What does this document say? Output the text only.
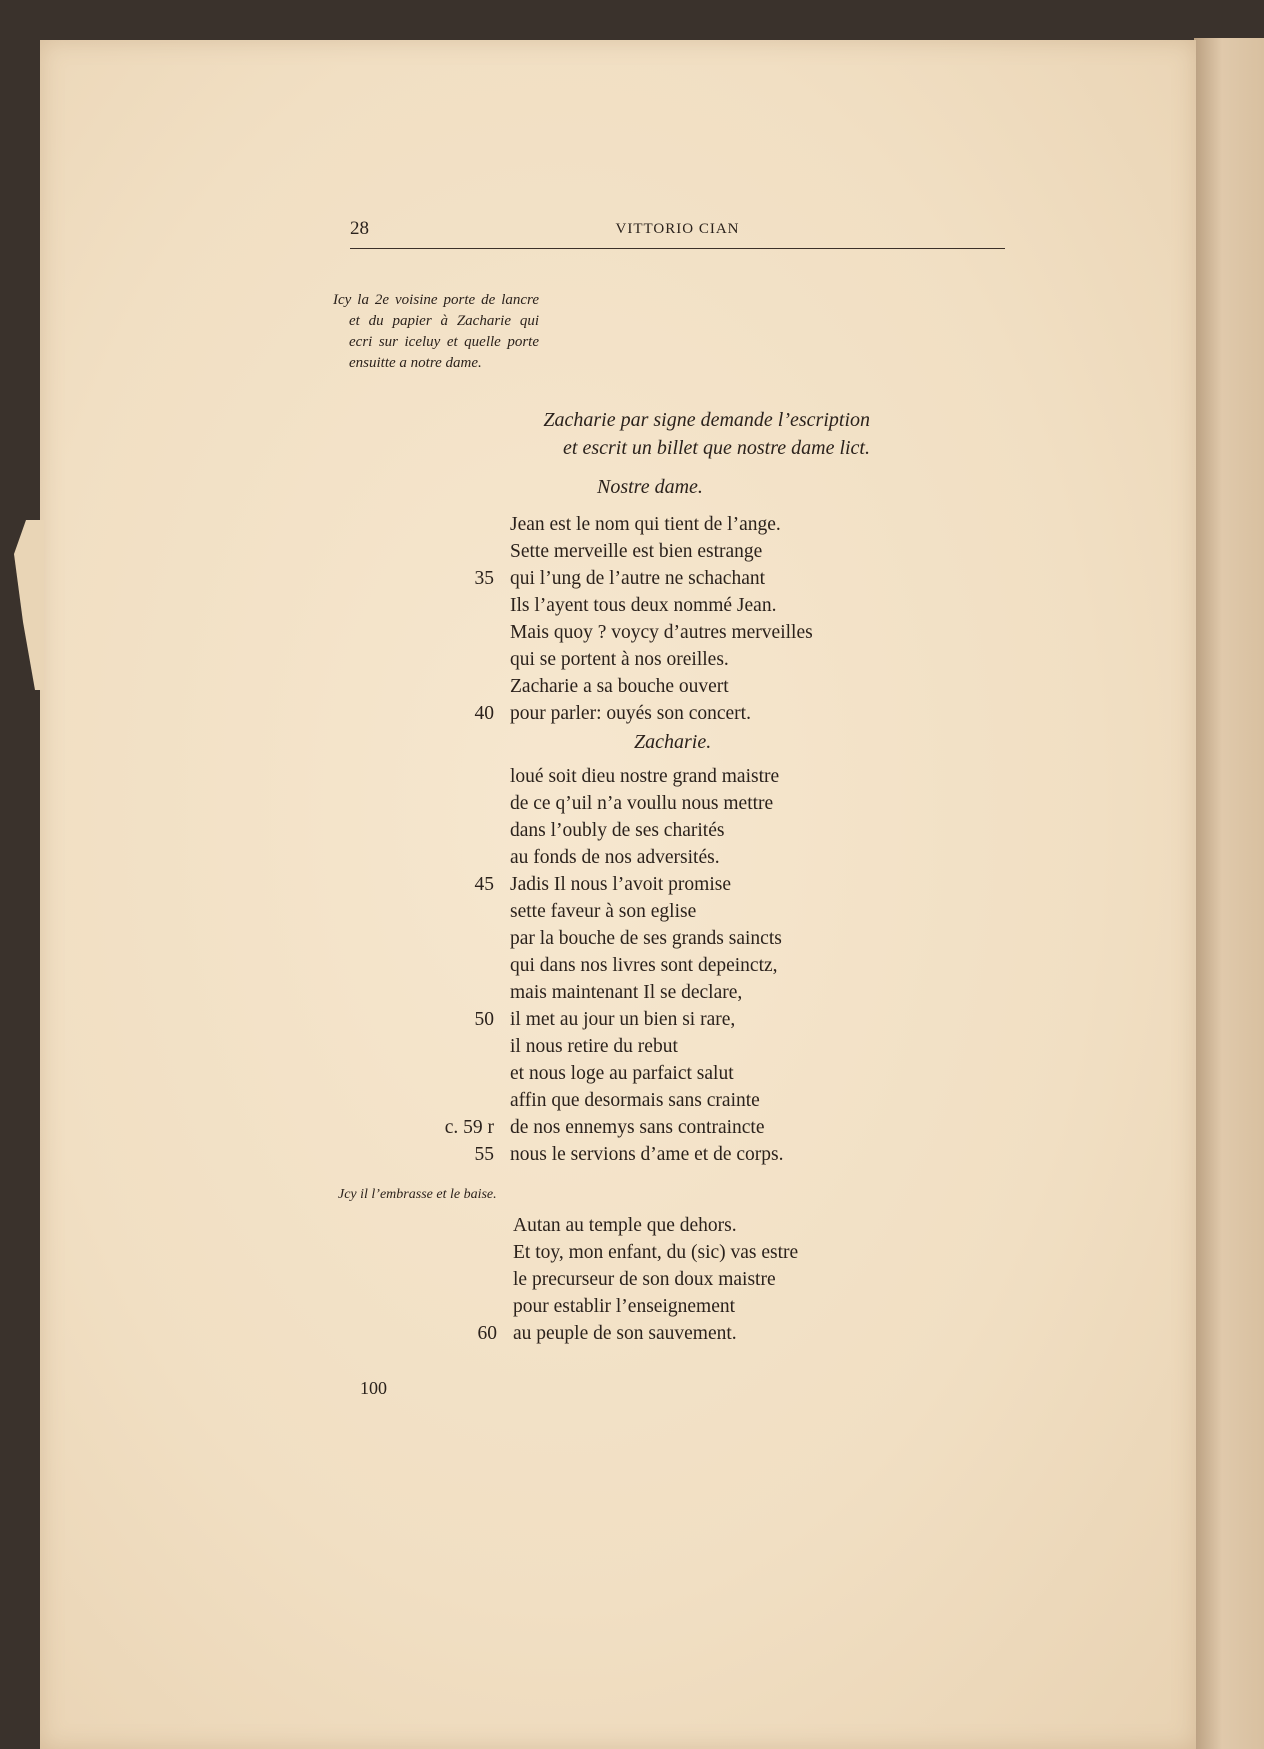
28	VITTORIO CIAN
Icy la 2e voisine porte de lancre et du papier à Zacharie qui ecri sur iceluy et quelle porte ensuitte a notre dame.
Zacharie par signe demande l’escription
et escrit un billet que nostre dame lict.
Nostre dame.
Jean est le nom qui tient de l’ange.
Sette merveille est bien estrange
35 qui l’ung de l’autre ne schachant
Ils l’ayent tous deux nommé Jean.
Mais quoy ? voycy d’autres merveilles
qui se portent à nos oreilles.
Zacharie a sa bouche ouvert
40 pour parler: ouyés son concert.
Zacharie.
loué soit dieu nostre grand maistre
de ce q’uil n’a voullu nous mettre
dans l’oubly de ses charités
au fonds de nos adversités.
45 Jadis Il nous l’avoit promise
sette faveur à son eglise
par la bouche de ses grands saincts
qui dans nos livres sont depeinctz,
mais maintenant Il se declare,
50 il met au jour un bien si rare,
il nous retire du rebut
et nous loge au parfaict salut
affin que desormais sans crainte
c. 59 r de nos ennemys sans contraincte
55 nous le servions d’ame et de corps.
Jcy il l’embrasse et le baise.
Autan au temple que dehors.
Et toy, mon enfant, du (sic) vas estre
le precurseur de son doux maistre
pour establir l’enseignement
60 au peuple de son sauvement.
100
